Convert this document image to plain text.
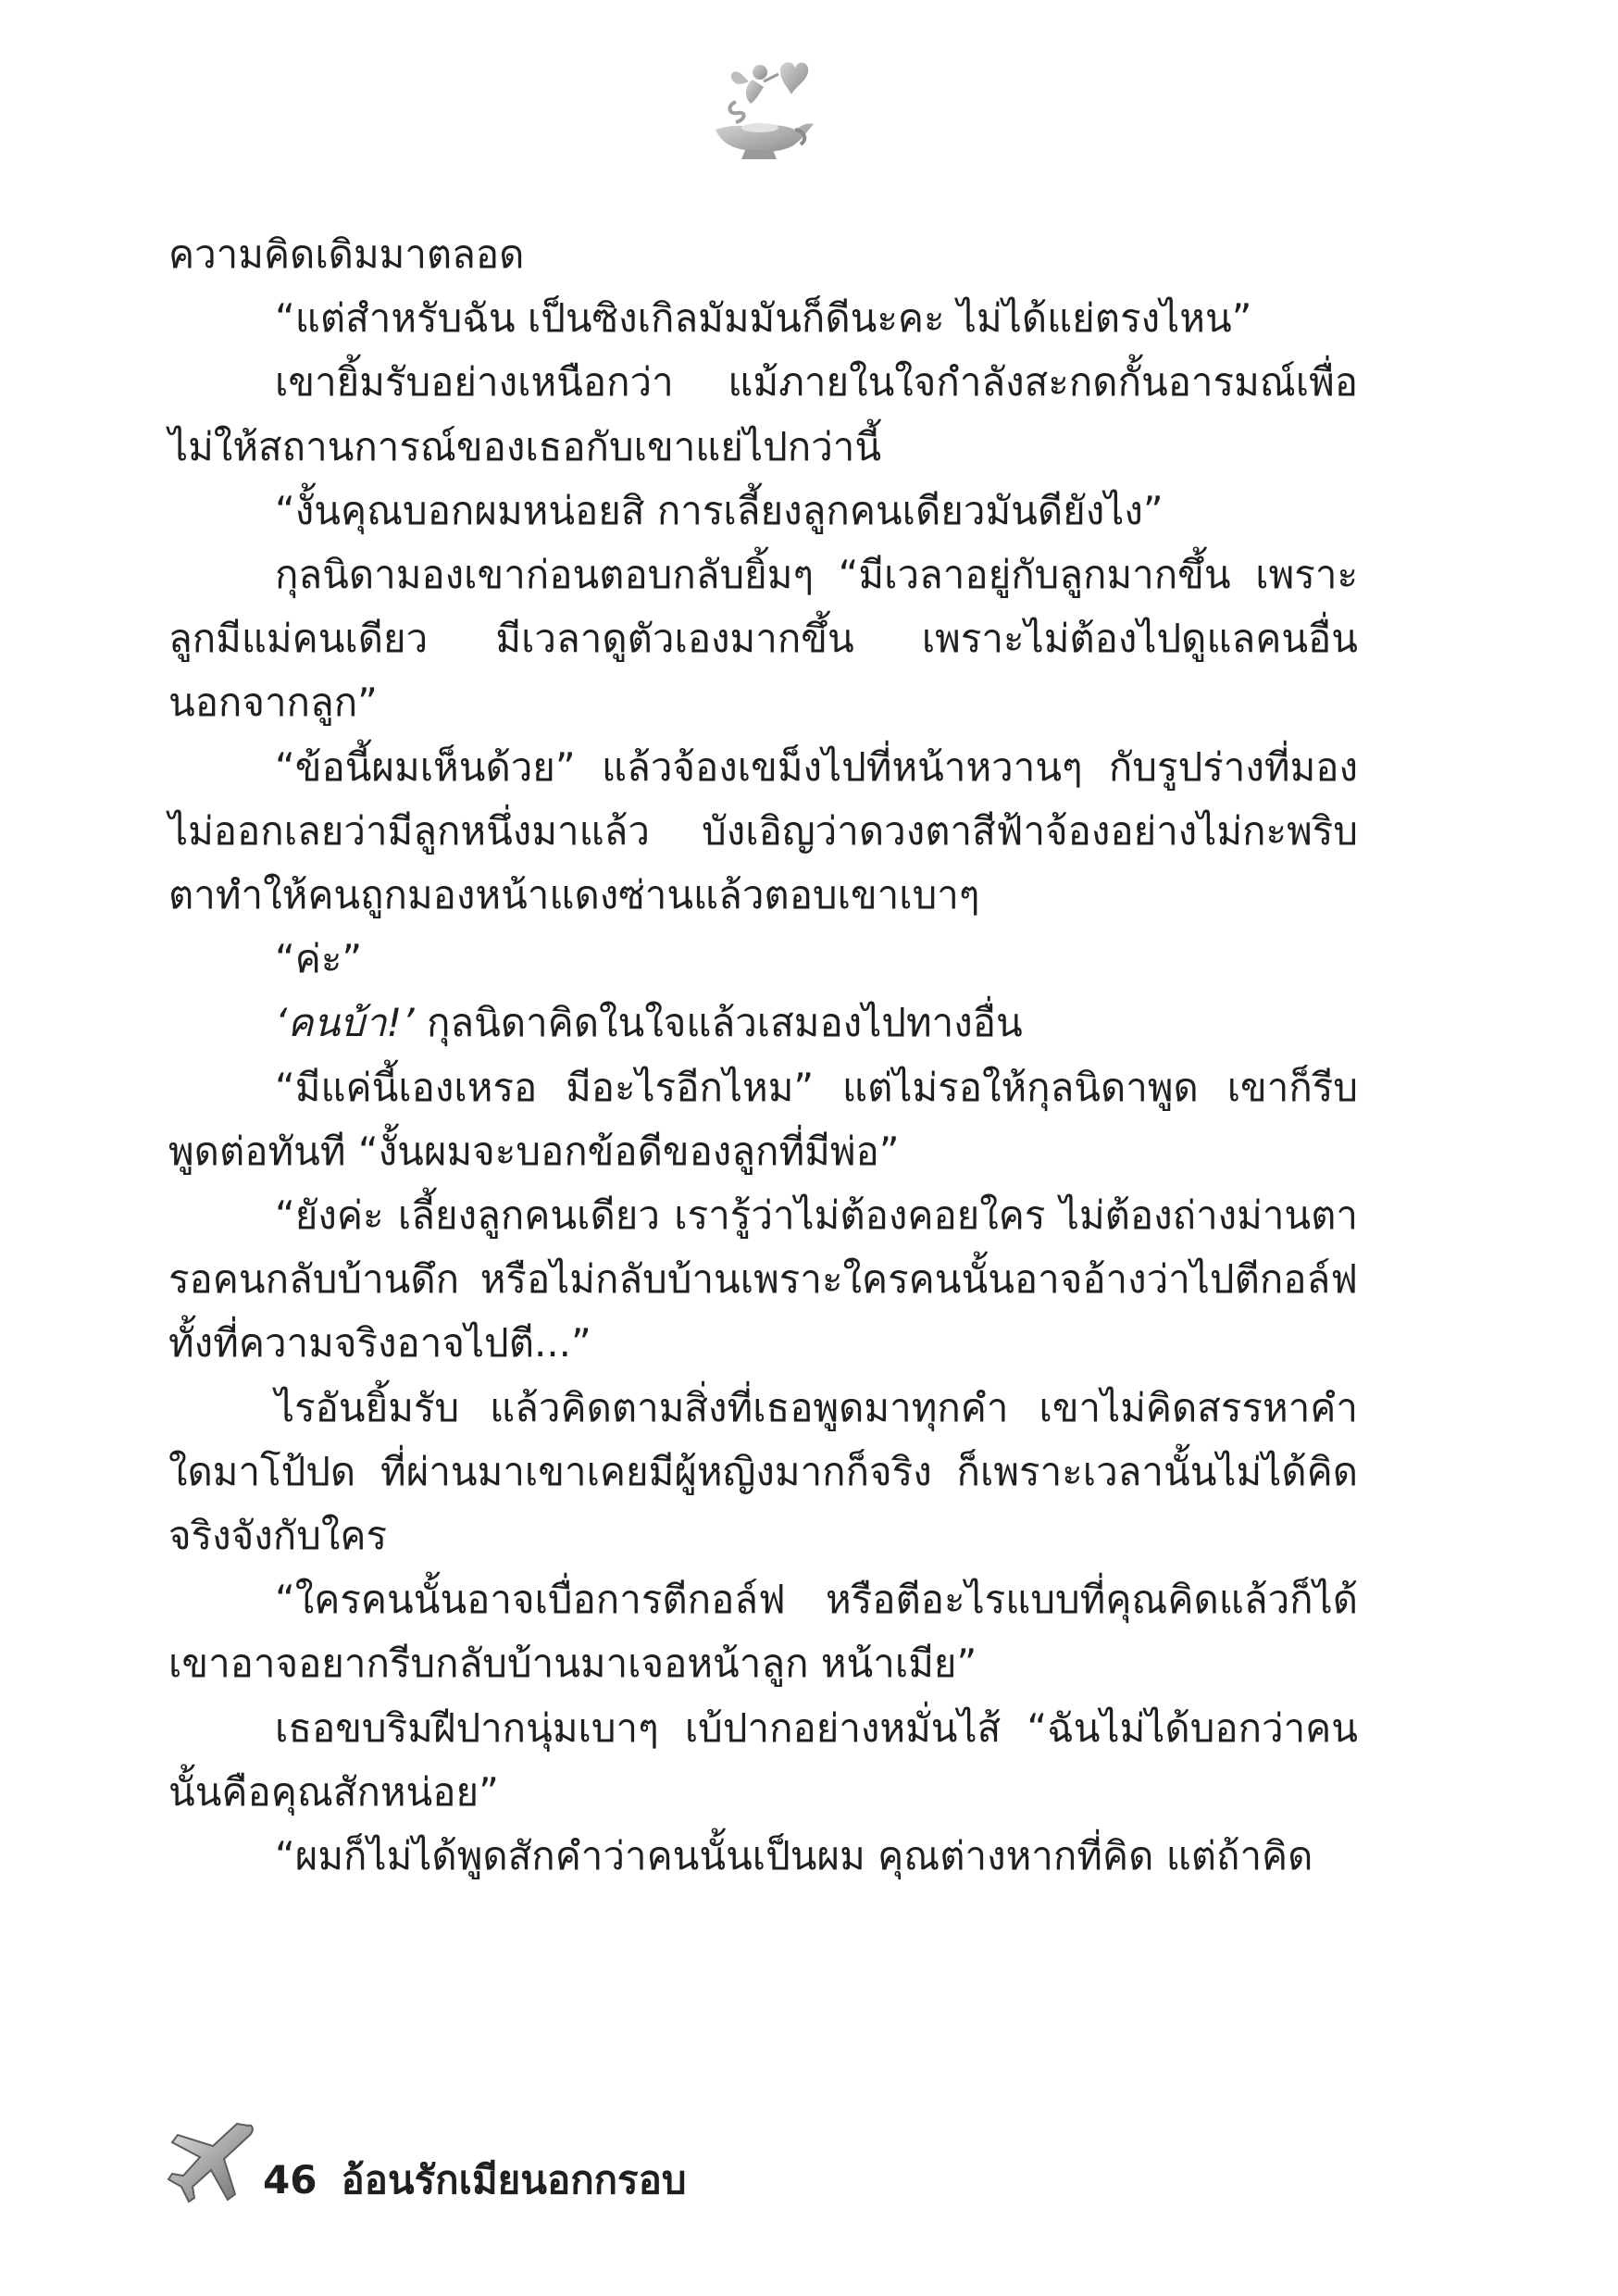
ความคิดเดิมมาตลอด

“แต่สำหรับฉัน เป็นซิงเกิลมัมมันก็ดีนะคะ ไม่ได้แย่ตรงไหน”

เขายิ้มรับอย่างเหนือกว่า แม้ภายในใจกำลังสะกดกั้นอารมณ์เพื่อไม่ให้สถานการณ์ของเธอกับเขาแย่ไปกว่านี้

“งั้นคุณบอกผมหน่อยสิ การเลี้ยงลูกคนเดียวมันดียังไง”

กุลนิดามองเขาก่อนตอบกลับยิ้มๆ “มีเวลาอยู่กับลูกมากขึ้น เพราะลูกมีแม่คนเดียว มีเวลาดูตัวเองมากขึ้น เพราะไม่ต้องไปดูแลคนอื่นนอกจากลูก”

“ข้อนี้ผมเห็นด้วย” แล้วจ้องเขม็งไปที่หน้าหวานๆ กับรูปร่างที่มองไม่ออกเลยว่ามีลูกหนึ่งมาแล้ว บังเอิญว่าดวงตาสีฟ้าจ้องอย่างไม่กะพริบตาทำให้คนถูกมองหน้าแดงซ่านแล้วตอบเขาเบาๆ

“ค่ะ”

‘คนบ้า!’ กุลนิดาคิดในใจแล้วเสมองไปทางอื่น

“มีแค่นี้เองเหรอ มีอะไรอีกไหม” แต่ไม่รอให้กุลนิดาพูด เขาก็รีบพูดต่อทันที “งั้นผมจะบอกข้อดีของลูกที่มีพ่อ”

“ยังค่ะ เลี้ยงลูกคนเดียว เรารู้ว่าไม่ต้องคอยใคร ไม่ต้องถ่างม่านตารอคนกลับบ้านดึก หรือไม่กลับบ้านเพราะใครคนนั้นอาจอ้างว่าไปตีกอล์ฟทั้งที่ความจริงอาจไปตี...”

ไรอันยิ้มรับ แล้วคิดตามสิ่งที่เธอพูดมาทุกคำ เขาไม่คิดสรรหาคำใดมาโป้ปด ที่ผ่านมาเขาเคยมีผู้หญิงมากก็จริง ก็เพราะเวลานั้นไม่ได้คิดจริงจังกับใคร

“ใครคนนั้นอาจเบื่อการตีกอล์ฟ หรือตีอะไรแบบที่คุณคิดแล้วก็ได้ เขาอาจอยากรีบกลับบ้านมาเจอหน้าลูก หน้าเมีย”

เธอขบริมฝีปากนุ่มเบาๆ เบ้ปากอย่างหมั่นไส้ “ฉันไม่ได้บอกว่าคนนั้นคือคุณสักหน่อย”

“ผมก็ไม่ได้พูดสักคำว่าคนนั้นเป็นผม คุณต่างหากที่คิด แต่ถ้าคิด

46 อ้อนรักเมียนอกกรอบ
